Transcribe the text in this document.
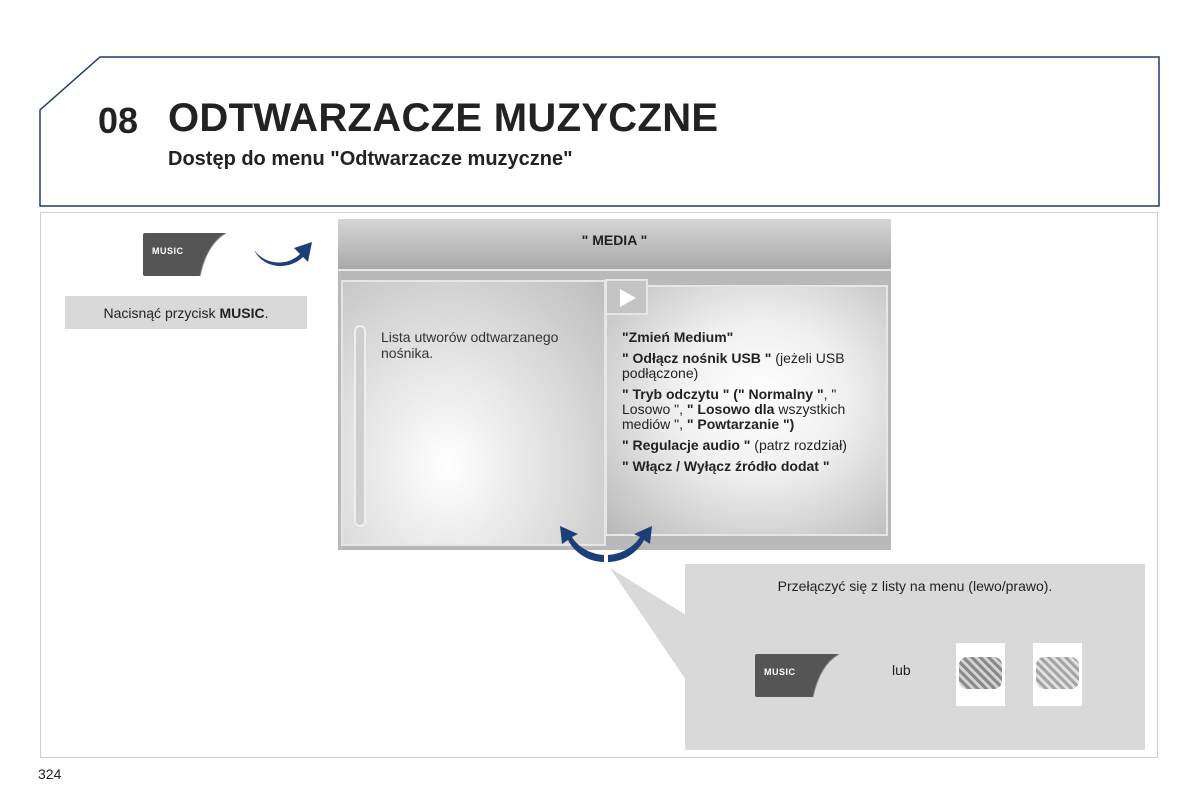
08 ODTWARZACZE MUZYCZNE
Dostęp do menu "Odtwarzacze muzyczne"
MUSIC
Nacisnąć przycisk MUSIC .
" MEDIA "
Lista utworów odtwarzanego nośnika.
"Zmień Medium"
" Odłącz nośnik USB " (jeżeli USB podłączone)
" Tryb odczytu " (" Normalny ", " Losowo ", " Losowo dla wszystkich mediów ", " Powtarzanie ")
" Regulacje audio " (patrz rozdział)
" Włącz / Wyłącz źródło dodat "
Przełączyć się z listy na menu (lewo/prawo).
MUSIC	lub
324
